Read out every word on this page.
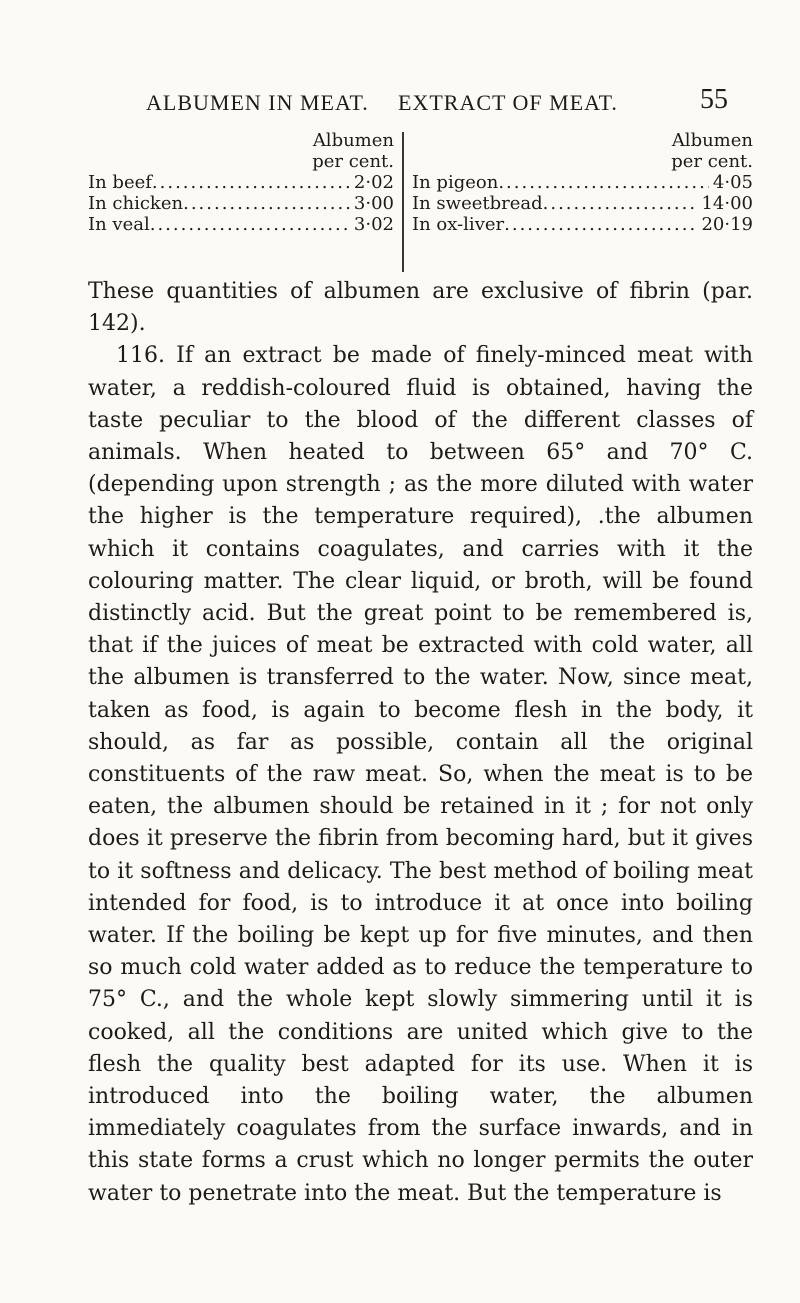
ALBUMEN IN MEAT. EXTRACT OF MEAT.	55
Albumen
per cent.
In beef .....	2·02
In chicken .....	3·00
In veal .....	3·02
Albumen
per cent.
In pigeon .....	4·05
In sweetbread .....	14·00
In ox-liver .....	20·19

These quantities of albumen are exclusive of fibrin (par. 142).

116. If an extract be made of finely-minced meat with water, a reddish-coloured fluid is obtained, having the taste peculiar to the blood of the different classes of animals. When heated to between 65° and 70° C. (depending upon strength ; as the more diluted with water the higher is the temperature required), .the albumen which it contains coagulates, and carries with it the colouring matter. The clear liquid, or broth, will be found distinctly acid. But the great point to be remembered is, that if the juices of meat be extracted with cold water, all the albumen is transferred to the water. Now, since meat, taken as food, is again to become flesh in the body, it should, as far as possible, contain all the original constituents of the raw meat. So, when the meat is to be eaten, the albumen should be retained in it ; for not only does it preserve the fibrin from becoming hard, but it gives to it softness and delicacy. The best method of boiling meat intended for food, is to introduce it at once into boiling water. If the boiling be kept up for five minutes, and then so much cold water added as to reduce the temperature to 75° C., and the whole kept slowly simmering until it is cooked, all the conditions are united which give to the flesh the quality best adapted for its use. When it is introduced into the boiling water, the albumen immediately coagulates from the surface inwards, and in this state forms a crust which no longer permits the outer water to penetrate into the meat. But the temperature is
